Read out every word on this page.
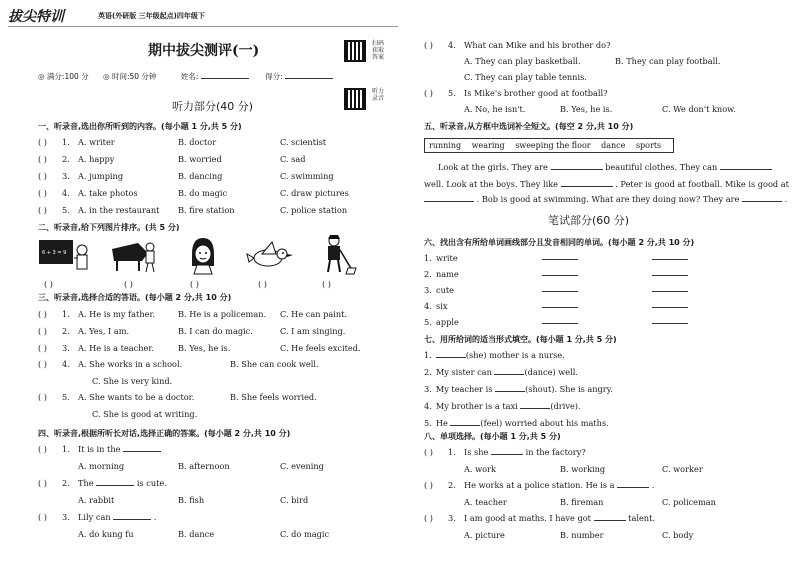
拔尖特训	英语(外研版 三年级起点)四年级下
期中拔尖测评(一)	扫码获取答案
◎ 满分:100 分 ◎ 时间:50 分钟	姓名:	得分:
听力录音
听力部分(40 分)
一、听录音,选出你所听到的内容。(每小题 1 分,共 5 分)
( ) 1. A. writer	B. doctor	C. scientist
( ) 2. A. happy	B. worried	C. sad
( ) 3. A. jumping	B. dancing	C. swimming
( ) 4. A. take photos	B. do magic	C. draw pictures
( ) 5. A. in the restaurant B. fire station	C. police station
二、听录音,给下列图片排序。(共 5 分)
6 + 3 = 9
( )	( )	( )	( )	( )
三、听录音,选择合适的答语。(每小题 2 分,共 10 分)
( ) 1. A. He is my father.	B. He is a policeman. C. He can paint.
( ) 2. A. Yes, I am.	B. I can do magic.	C. I am singing.
( ) 3. A. He is a teacher.	B. Yes, he is.	C. He feels excited.
( ) 4. A. She works in a school.	B. She can cook well.
C. She is very kind.
( ) 5. A. She wants to be a doctor.	B. She feels worried.
C. She is good at writing.
四、听录音,根据所听长对话,选择正确的答案。(每小题 2 分,共 10 分)
( ) 1. It is in the
A. morning	B. afternoon	C. evening
( ) 2. The	is cute.
A. rabbit	B. fish	C. bird
( ) 3. Lily can	.
A. do kung fu	B. dance	C. do magic
( ) 4. What can Mike and his brother do?
A. They can play basketball.	B. They can play football.
C. They can play table tennis.
( ) 5. Is Mike's brother good at football?
A. No, he isn't.	B. Yes, he is.	C. We don't know.
五、听录音,从方框中选词补全短文。(每空 2 分,共 10 分)
running wearing sweeping the floor dance sports
Look at the girls. They are	beautiful clothes. They can
well. Look at the boys. They like	. Peter is good at football. Mike is good at
. Bob is good at swimming. What are they doing now? They are	.
笔试部分(60 分)
六、找出含有所给单词画线部分且发音相同的单词。(每小题 2 分,共 10 分)
1. write
2. name
3. cute
4. six
5. apple
七、用所给词的适当形式填空。(每小题 1 分,共 5 分)
1.	(she) mother is a nurse.
2. My sister can	(dance) well.
3. My teacher is	(shout). She is angry.
4. My brother is a taxi	(drive).
5. He	(feel) worried about his maths.
八、单项选择。(每小题 1 分,共 5 分)
( ) 1. Is she	in the factory?
A. work	B. working	C. worker
( ) 2. He works at a police station. He is a	.
A. teacher	B. fireman	C. policeman
( ) 3. I am good at maths. I have got	talent.
A. picture	B. number	C. body
